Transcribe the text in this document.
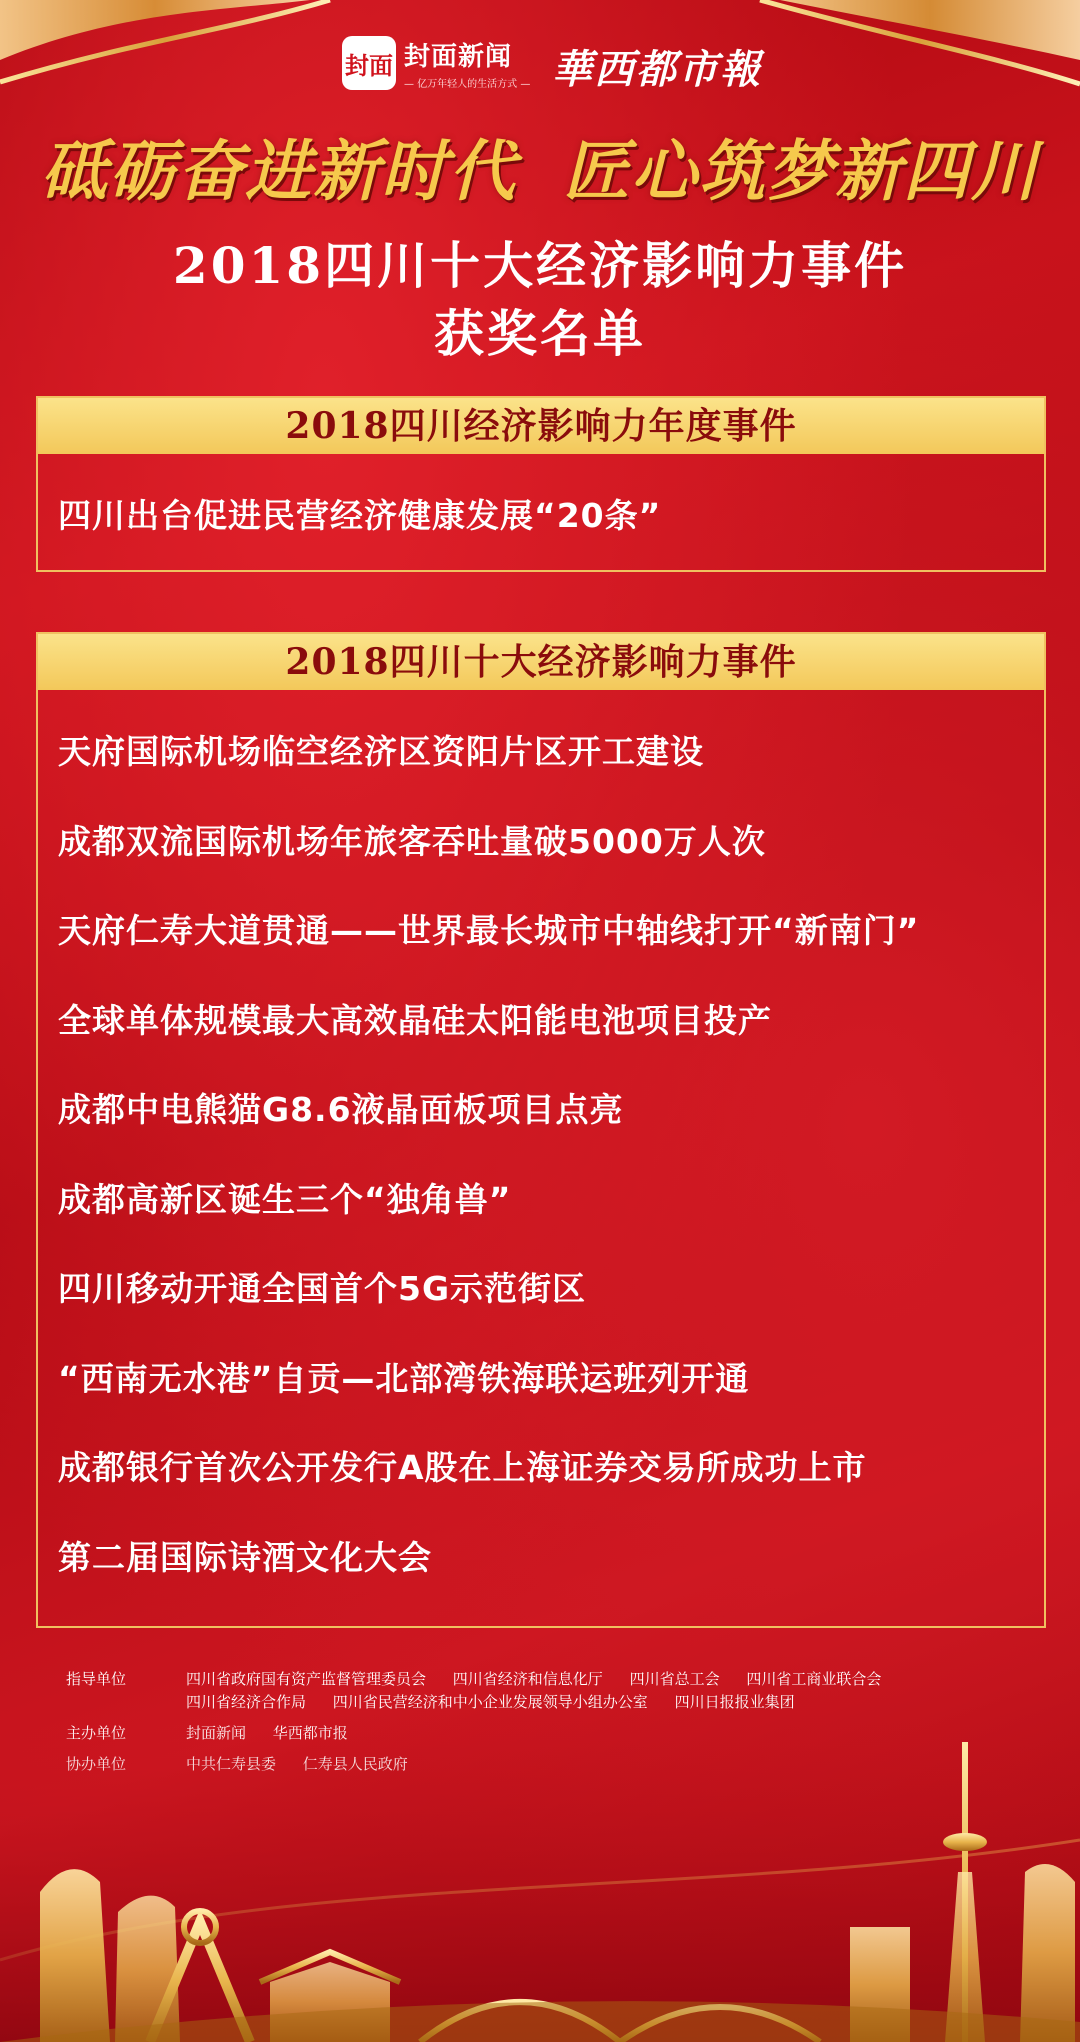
封面 封面新闻
— 亿万年轻人的生活方式 — 華西都市報
砥砺奋进新时代 匠心筑梦新四川
2018四川十大经济影响力事件
获奖名单
2018四川经济影响力年度事件
四川出台促进民营经济健康发展“20条”
2018四川十大经济影响力事件
天府国际机场临空经济区资阳片区开工建设
成都双流国际机场年旅客吞吐量破5000万人次
天府仁寿大道贯通——世界最长城市中轴线打开“新南门”
全球单体规模最大高效晶硅太阳能电池项目投产
成都中电熊猫G8.6液晶面板项目点亮
成都高新区诞生三个“独角兽”
四川移动开通全国首个5G示范街区
“西南无水港”自贡—北部湾铁海联运班列开通
成都银行首次公开发行A股在上海证券交易所成功上市
第二届国际诗酒文化大会
指导单位	四川省政府国有资产监督管理委员会 四川省经济和信息化厅 四川省总工会 四川省工商业联合会 四川省经济合作局 四川省民营经济和中小企业发展领导小组办公室 四川日报报业集团
